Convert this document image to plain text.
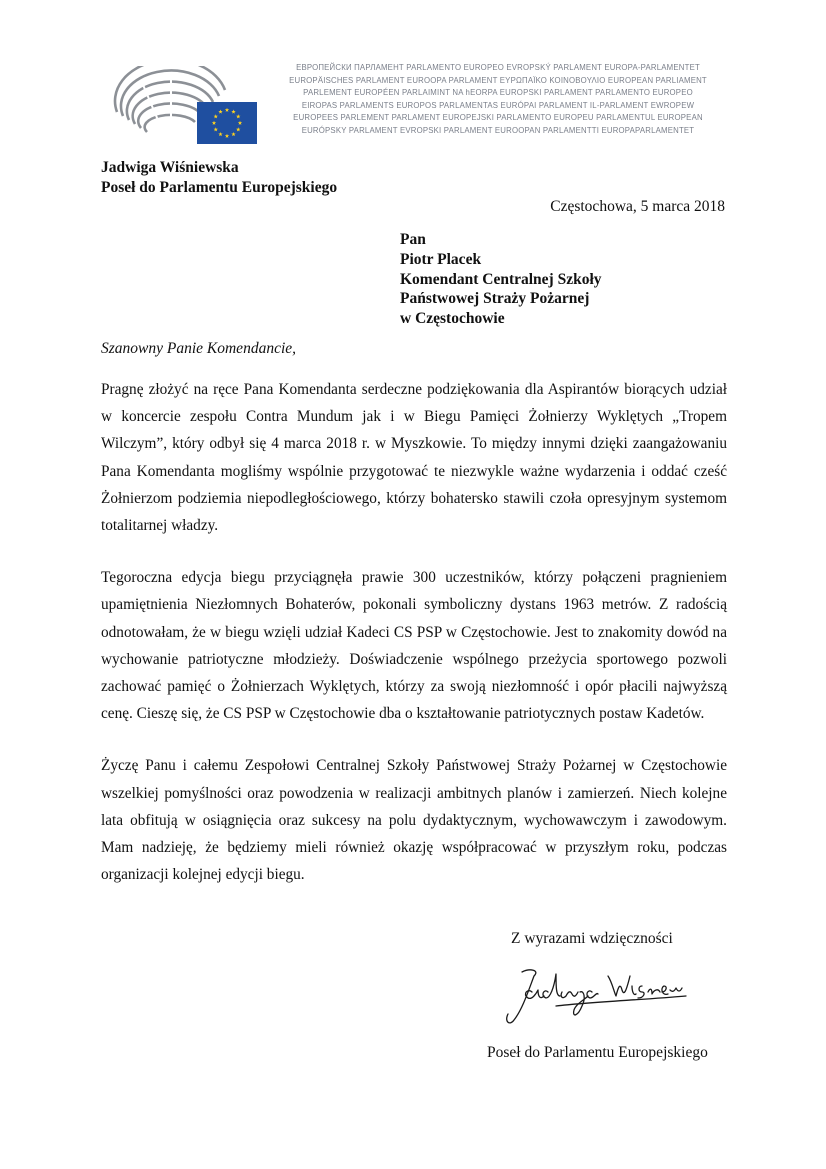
ЕВРОПЕЙСКИ ПАРЛАМЕНТ PARLAMENTO EUROPEO EVROPSKÝ PARLAMENT EUROPA-PARLAMENTET
EUROPÄISCHES PARLAMENT EUROOPA PARLAMENT ΕΥΡΩΠΑΪΚΟ ΚΟΙΝΟΒΟΥΛΙΟ EUROPEAN PARLIAMENT
PARLEMENT EUROPÉEN PARLAIMINT NA hEORPA EUROPSKI PARLAMENT PARLAMENTO EUROPEO
EIROPAS PARLAMENTS EUROPOS PARLAMENTAS EURÓPAI PARLAMENT IL-PARLAMENT EWROPEW
EUROPEES PARLEMENT PARLAMENT EUROPEJSKI PARLAMENTO EUROPEU PARLAMENTUL EUROPEAN
EURÓPSKY PARLAMENT EVROPSKI PARLAMENT EUROOPAN PARLAMENTTI EUROPAPARLAMENTET
Jadwiga Wiśniewska
Poseł do Parlamentu Europejskiego
Częstochowa, 5 marca 2018
Pan
Piotr Placek
Komendant Centralnej Szkoły
Państwowej Straży Pożarnej
w Częstochowie
Szanowny Panie Komendancie,

Pragnę złożyć na ręce Pana Komendanta serdeczne podziękowania dla Aspirantów biorących udział w koncercie zespołu Contra Mundum jak i w Biegu Pamięci Żołnierzy Wyklętych „Tropem Wilczym”, który odbył się 4 marca 2018 r. w Myszkowie. To między innymi dzięki zaangażowaniu Pana Komendanta mogliśmy wspólnie przygotować te niezwykle ważne wydarzenia i oddać cześć Żołnierzom podziemia niepodległościowego, którzy bohatersko stawili czoła opresyjnym systemom totalitarnej władzy.

Tegoroczna edycja biegu przyciągnęła prawie 300 uczestników, którzy połączeni pragnieniem upamiętnienia Niezłomnych Bohaterów, pokonali symboliczny dystans 1963 metrów. Z radością odnotowałam, że w biegu wzięli udział Kadeci CS PSP w Częstochowie. Jest to znakomity dowód na wychowanie patriotyczne młodzieży. Doświadczenie wspólnego przeżycia sportowego pozwoli zachować pamięć o Żołnierzach Wyklętych, którzy za swoją niezłomność i opór płacili najwyższą cenę. Cieszę się, że CS PSP w Częstochowie dba o kształtowanie patriotycznych postaw Kadetów.

Życzę Panu i całemu Zespołowi Centralnej Szkoły Państwowej Straży Pożarnej w Częstochowie wszelkiej pomyślności oraz powodzenia w realizacji ambitnych planów i zamierzeń. Niech kolejne lata obfitują w osiągnięcia oraz sukcesy na polu dydaktycznym, wychowawczym i zawodowym. Mam nadzieję, że będziemy mieli również okazję współpracować w przyszłym roku, podczas organizacji kolejnej edycji biegu.

Z wyrazami wdzięczności
Poseł do Parlamentu Europejskiego
